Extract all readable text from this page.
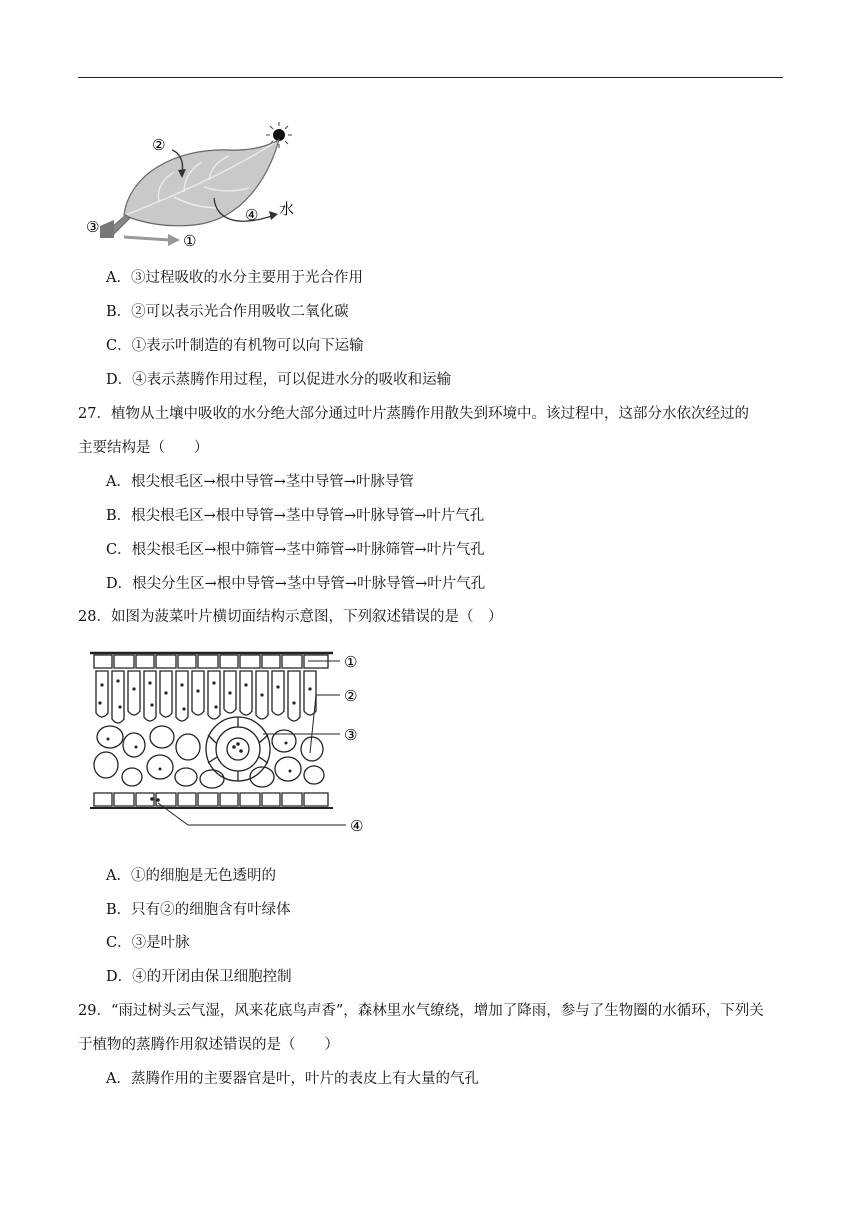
②
③
①
④ 水
A．③过程吸收的水分主要用于光合作用
B．②可以表示光合作用吸收二氧化碳
C．①表示叶制造的有机物可以向下运输
D．④表示蒸腾作用过程，可以促进水分的吸收和运输
27．植物从土壤中吸收的水分绝大部分通过叶片蒸腾作用散失到环境中。该过程中，这部分水依次经过的
主要结构是（　　）
A．根尖根毛区→根中导管→茎中导管→叶脉导管
B．根尖根毛区→根中导管→茎中导管→叶脉导管→叶片气孔
C．根尖根毛区→根中筛管→茎中筛管→叶脉筛管→叶片气孔
D．根尖分生区→根中导管→茎中导管→叶脉导管→叶片气孔
28．如图为菠菜叶片横切面结构示意图，下列叙述错误的是（　）
①
②
③
④
A．①的细胞是无色透明的
B．只有②的细胞含有叶绿体
C．③是叶脉
D．④的开闭由保卫细胞控制
29．“雨过树头云气湿，风来花底鸟声香”，森林里水气缭绕，增加了降雨，参与了生物圈的水循环，下列关
于植物的蒸腾作用叙述错误的是（　　）
A．蒸腾作用的主要器官是叶，叶片的表皮上有大量的气孔
